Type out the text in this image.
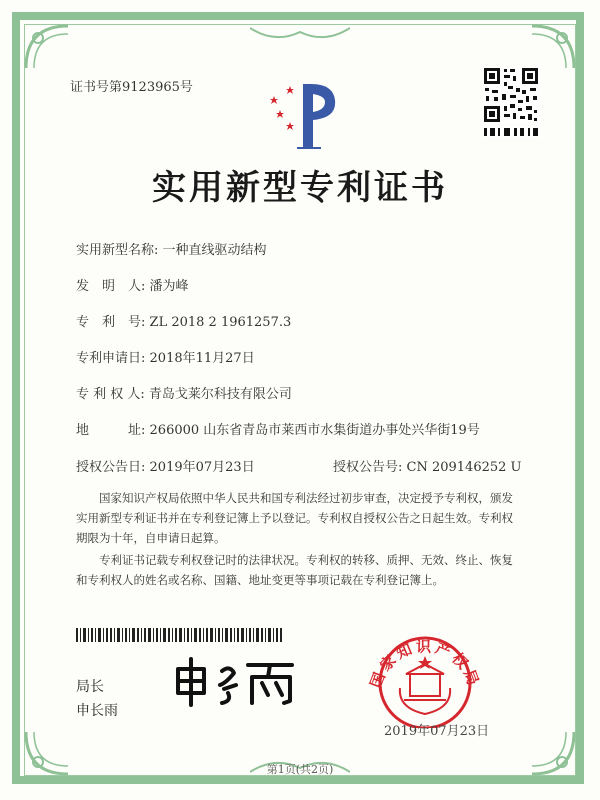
证书号第9123965号
实用新型专利证书
实用新型名称: 一种直线驱动结构
发　明　人: 潘为峰
专　利　号: ZL 2018 2 1961257.3
专利申请日: 2018年11月27日
专 利 权 人: 青岛戈莱尔科技有限公司
地　　　址: 266000 山东省青岛市莱西市水集街道办事处兴华街19号
授权公告日: 2019年07月23日	授权公告号: CN 209146252 U
国家知识产权局依照中华人民共和国专利法经过初步审查，决定授予专利权，颁发实用新型专利证书并在专利登记簿上予以登记。专利权自授权公告之日起生效。专利权期限为十年，自申请日起算。
专利证书记载专利权登记时的法律状况。专利权的转移、质押、无效、终止、恢复和专利权人的姓名或名称、国籍、地址变更等事项记载在专利登记簿上。
局长
申长雨
国家知识产权局
2019年07月23日
第1页(共2页)
